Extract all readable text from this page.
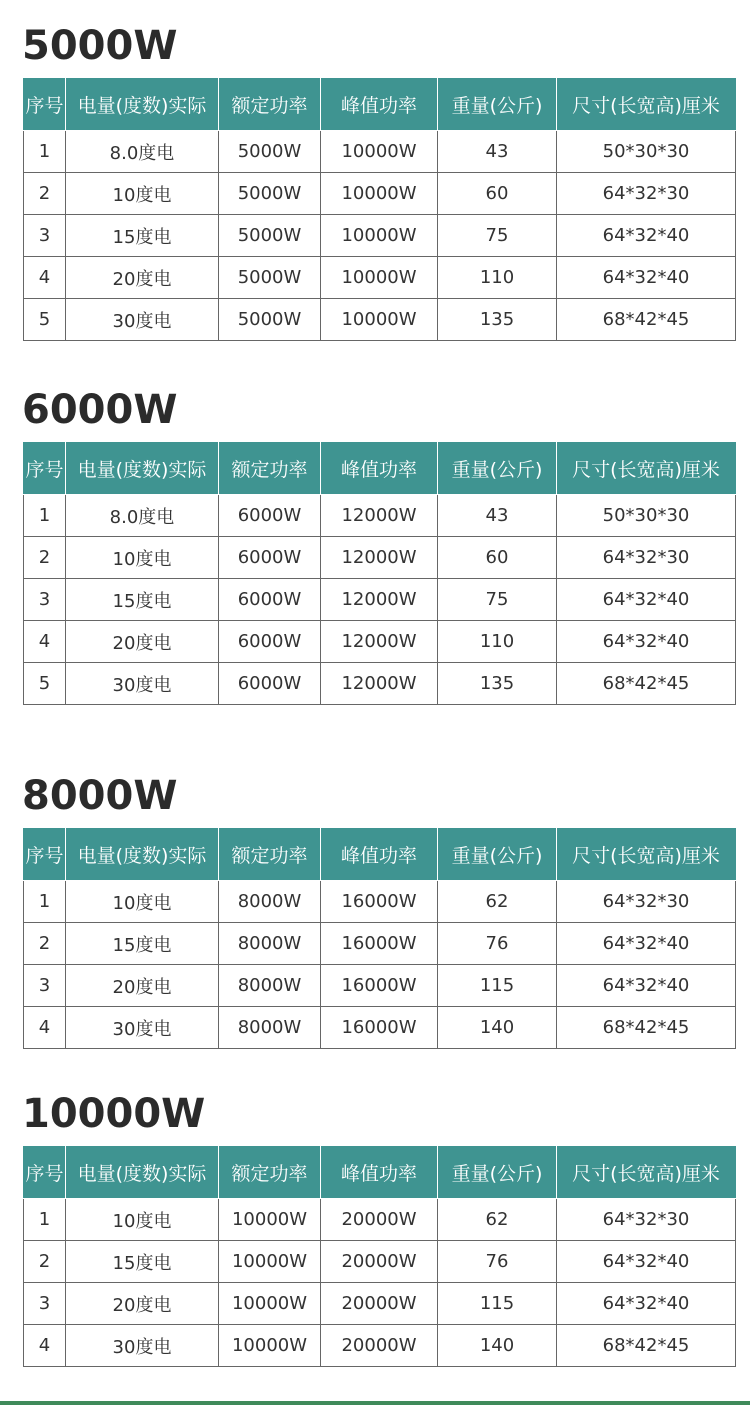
5000W
序号	电量(度数)实际	额定功率	峰值功率	重量(公斤)	尺寸(长宽高)厘米
1	8.0度电	5000W	10000W	43	50*30*30
2	10度电	5000W	10000W	60	64*32*30
3	15度电	5000W	10000W	75	64*32*40
4	20度电	5000W	10000W	110	64*32*40
5	30度电	5000W	10000W	135	68*42*45
6000W
序号	电量(度数)实际	额定功率	峰值功率	重量(公斤)	尺寸(长宽高)厘米
1	8.0度电	6000W	12000W	43	50*30*30
2	10度电	6000W	12000W	60	64*32*30
3	15度电	6000W	12000W	75	64*32*40
4	20度电	6000W	12000W	110	64*32*40
5	30度电	6000W	12000W	135	68*42*45
8000W
序号	电量(度数)实际	额定功率	峰值功率	重量(公斤)	尺寸(长宽高)厘米
1	10度电	8000W	16000W	62	64*32*30
2	15度电	8000W	16000W	76	64*32*40
3	20度电	8000W	16000W	115	64*32*40
4	30度电	8000W	16000W	140	68*42*45
10000W
序号	电量(度数)实际	额定功率	峰值功率	重量(公斤)	尺寸(长宽高)厘米
1	10度电	10000W	20000W	62	64*32*30
2	15度电	10000W	20000W	76	64*32*40
3	20度电	10000W	20000W	115	64*32*40
4	30度电	10000W	20000W	140	68*42*45
